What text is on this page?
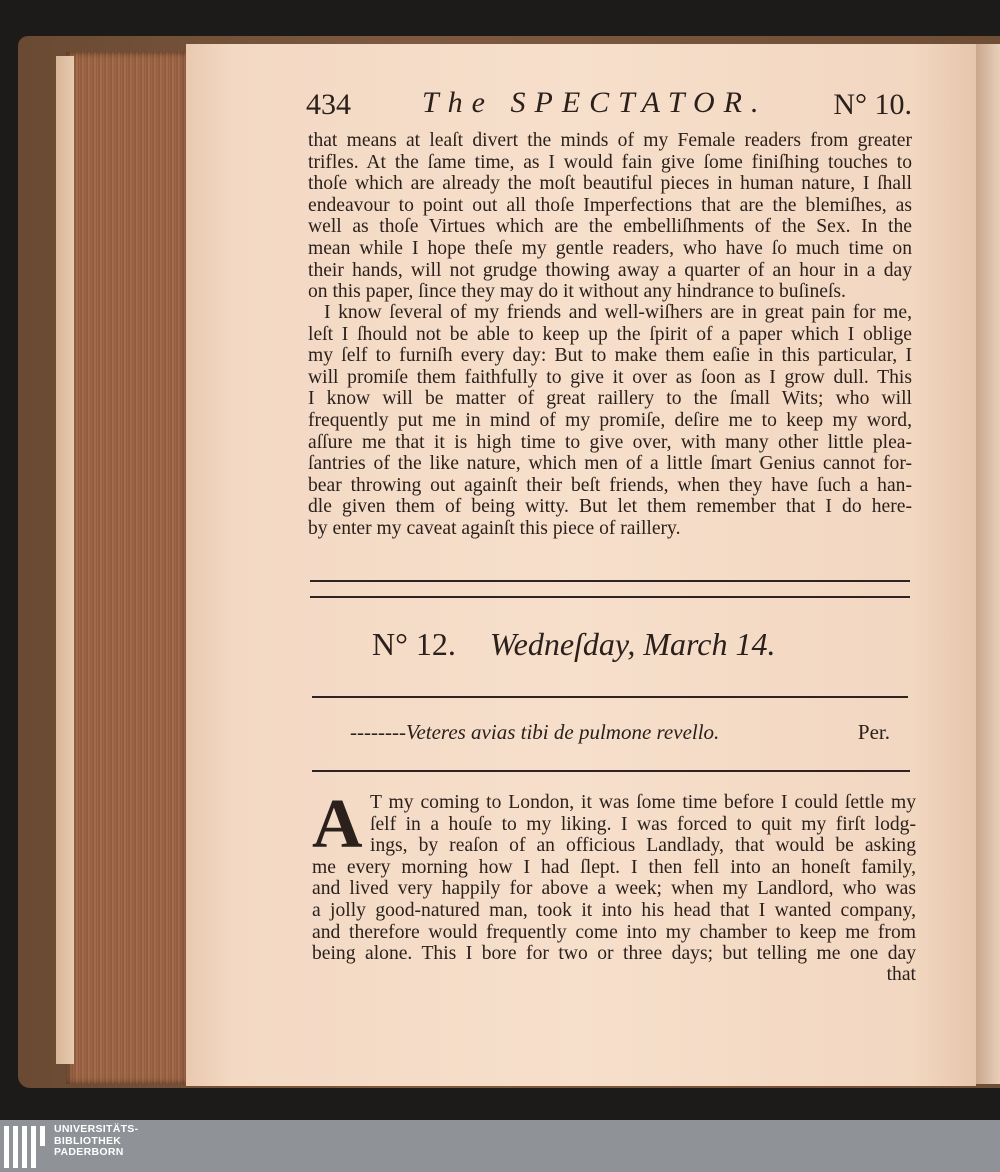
434 The SPECTATOR. N° 10.
that means at leaſt divert the minds of my Female readers from greater
trifles. At the ſame time, as I would fain give ſome finiſhing touches to
thoſe which are already the moſt beautiful pieces in human nature, I ſhall
endeavour to point out all thoſe Imperfections that are the blemiſhes, as
well as thoſe Virtues which are the embelliſhments of the Sex. In the
mean while I hope theſe my gentle readers, who have ſo much time on
their hands, will not grudge thowing away a quarter of an hour in a day
on this paper, ſince they may do it without any hindrance to buſineſs.
I know ſeveral of my friends and well-wiſhers are in great pain for me,
leſt I ſhould not be able to keep up the ſpirit of a paper which I oblige
my ſelf to furniſh every day: But to make them eaſie in this particular, I
will promiſe them faithfully to give it over as ſoon as I grow dull. This
I know will be matter of great raillery to the ſmall Wits; who will
frequently put me in mind of my promiſe, deſire me to keep my word,
aſſure me that it is high time to give over, with many other little plea-
ſantries of the like nature, which men of a little ſmart Genius cannot for-
bear throwing out againſt their beſt friends, when they have ſuch a han-
dle given them of being witty. But let them remember that I do here-
by enter my caveat againſt this piece of raillery.
N° 12. Wedneſday, March 14.
--------Veteres avias tibi de pulmone revello.	Per.
A T my coming to London, it was ſome time before I could ſettle my
ſelf in a houſe to my liking. I was forced to quit my firſt lodg-
ings, by reaſon of an officious Landlady, that would be asking
me every morning how I had ſlept. I then fell into an honeſt family,
and lived very happily for above a week; when my Landlord, who was
a jolly good-natured man, took it into his head that I wanted company,
and therefore would frequently come into my chamber to keep me from
being alone. This I bore for two or three days; but telling me one day
that
UNIVERSITÄTS-
BIBLIOTHEK
PADERBORN
